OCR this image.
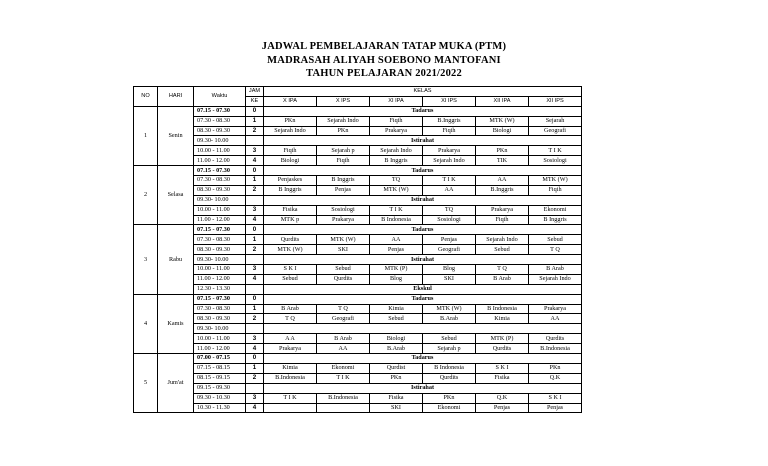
JADWAL PEMBELAJARAN TATAP MUKA (PTM)
MADRASAH ALIYAH SOEBONO MANTOFANI
TAHUN PELAJARAN 2021/2022
NO	HARI	Waktu	JAM	KELAS					
			KE	X IPA	X IPS	XI IPA	XI IPS	XII IPA	XII IPS
1	Senin	07.15 - 07.30	0	Tadarus					
		07.30 - 08.30	1	PKn	Sejarah Indo	Fiqih	B.Inggris	MTK (W)	Sejarah
		08.30 - 09.30	2	Sejarah Indo	PKn	Prakarya	Fiqih	Biologi	Geografi
		09.30- 10.00		Istirahat					
		10.00 - 11.00	3	Fiqih	Sejarah p	Sejarah Indo	Prakarya	PKn	T I K
		11.00 - 12.00	4	Biologi	Fiqih	B Inggris	Sejarah Indo	TIK	Sosiologi
2	Selasa	07.15 - 07.30	0	Tadarus					
		07.30 - 08.30	1	Penjaskes	B Inggris	TQ	T I K	AA	MTK (W)
		08.30 - 09.30	2	B Inggris	Penjas	MTK (W)	AA	B.Inggris	Fiqih
		09.30- 10.00		Istirahat					
		10.00 - 11.00	3	Fisika	Sosiologi	T I K	TQ	Prakarya	Ekonomi
		11.00 - 12.00	4	MTK p	Prakarya	B Indonesia	Sosiologi	Fiqih	B Inggris
3	Rabu	07.15 - 07.30	0	Tadarus					
		07.30 - 08.30	1	Qurdits	MTK (W)	AA	Penjas	Sejarah Indo	Sebud
		08.30 - 09.30	2	MTK (W)	SKI	Penjas	Geografi	Sebud	T Q
		09.30- 10.00		Istirahat					
		10.00 - 11.00	3	S K I	Sebud	MTK (P)	Blog	T Q	B Arab
		11.00 - 12.00	4	Sebud	Qurdits	Blog	SKI	B Arab	Sejarah Indo
		12.30 - 13.30		Ekskul					
4	Kamis	07.15 - 07.30	0	Tadarus					
		07.30 - 08.30	1	B Arab	T Q	Kimia	MTK (W)	B Indonesia	Prakarya
		08.30 - 09.30	2	T Q	Geografi	Sebud	B.Arab	Kimia	AA
		09.30- 10.00							
		10.00 - 11.00	3	A A	B Arab	Biologi	Sebud	MTK (P)	Qurdits
		11.00 - 12.00	4	Prakarya	AA	B.Arab	Sejarah p	Qurdits	B.Indonesia
5	Jum'at	07.00 - 07.15	0	Tadarus					
		07.15 - 08.15	1	Kimia	Ekonomi	Qurdist	B Indonesia	S K I	PKn
		08.15 - 09.15	2	B.Indonesia	T I K	PKn	Qurdits	Fisika	Q.K
		09.15 - 09.30		Istirahat					
		09.30 - 10.30	3	T I K	B.Indonesia	Fisika	PKn	Q.K	S K I
		10.30 - 11.30	4			SKI	Ekonomi	Penjas	Penjas
